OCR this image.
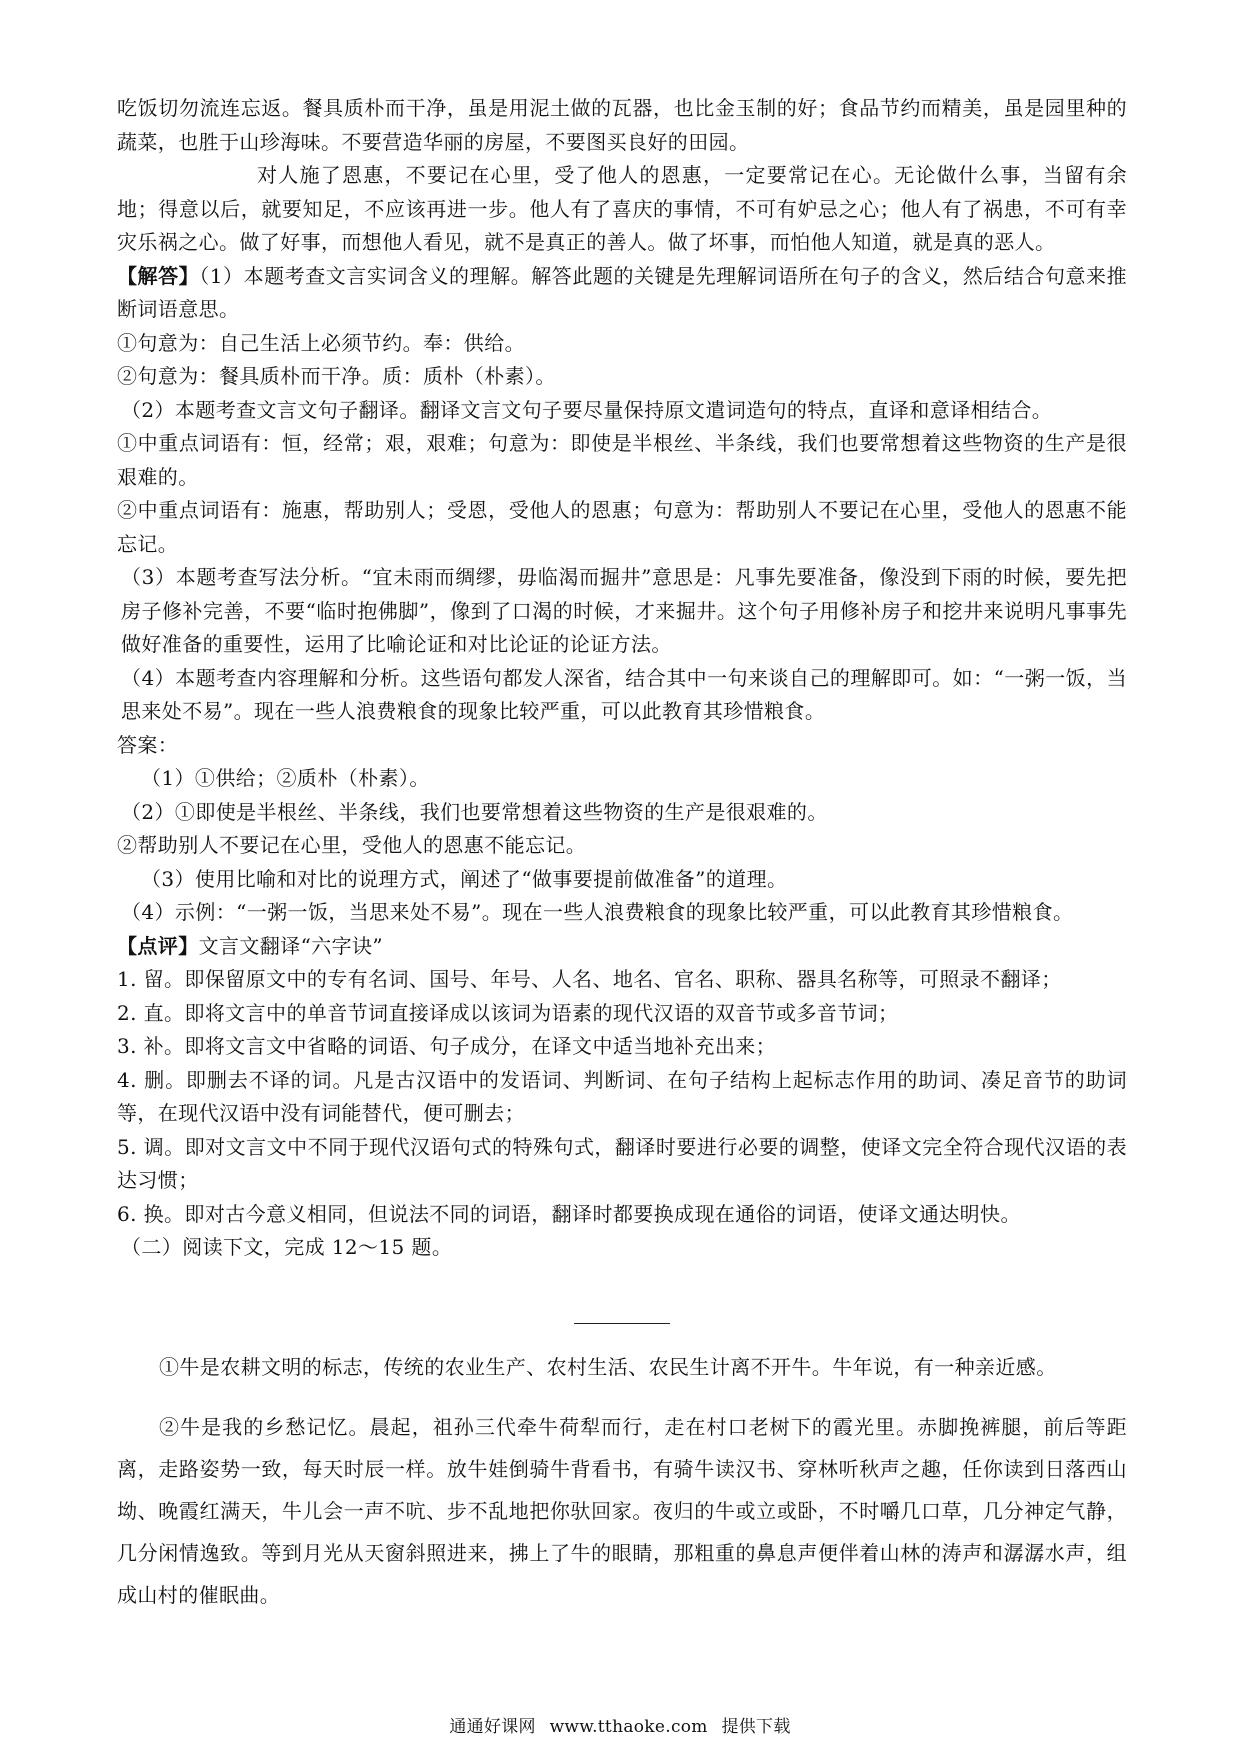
吃饭切勿流连忘返。餐具质朴而干净，虽是用泥土做的瓦器，也比金玉制的好；食品节约而精美，虽是园里种的蔬菜，也胜于山珍海味。不要营造华丽的房屋，不要图买良好的田园。

对人施了恩惠，不要记在心里，受了他人的恩惠，一定要常记在心。无论做什么事，当留有余地；得意以后，就要知足，不应该再进一步。他人有了喜庆的事情，不可有妒忌之心；他人有了祸患，不可有幸灾乐祸之心。做了好事，而想他人看见，就不是真正的善人。做了坏事，而怕他人知道，就是真的恶人。

【解答】（1）本题考查文言实词含义的理解。解答此题的关键是先理解词语所在句子的含义，然后结合句意来推断词语意思。

①句意为：自己生活上必须节约。奉：供给。

②句意为：餐具质朴而干净。质：质朴（朴素）。

（2）本题考查文言文句子翻译。翻译文言文句子要尽量保持原文遣词造句的特点，直译和意译相结合。

①中重点词语有：恒，经常；艰，艰难；句意为：即使是半根丝、半条线，我们也要常想着这些物资的生产是很艰难的。

②中重点词语有：施惠，帮助别人；受恩，受他人的恩惠；句意为：帮助别人不要记在心里，受他人的恩惠不能忘记。

（3）本题考查写法分析。“宜未雨而绸缪，毋临渴而掘井”意思是：凡事先要准备，像没到下雨的时候，要先把房子修补完善，不要“临时抱佛脚”，像到了口渴的时候，才来掘井。这个句子用修补房子和挖井来说明凡事事先做好准备的重要性，运用了比喻论证和对比论证的论证方法。

（4）本题考查内容理解和分析。这些语句都发人深省，结合其中一句来谈自己的理解即可。如：“一粥一饭，当思来处不易”。现在一些人浪费粮食的现象比较严重，可以此教育其珍惜粮食。

答案：

（1）①供给；②质朴（朴素）。

（2）①即使是半根丝、半条线，我们也要常想着这些物资的生产是很艰难的。

②帮助别人不要记在心里，受他人的恩惠不能忘记。

（3）使用比喻和对比的说理方式，阐述了“做事要提前做准备”的道理。

（4）示例：“一粥一饭，当思来处不易”。现在一些人浪费粮食的现象比较严重，可以此教育其珍惜粮食。

【点评】文言文翻译“六字诀”

1. 留。即保留原文中的专有名词、国号、年号、人名、地名、官名、职称、器具名称等，可照录不翻译；

2. 直。即将文言中的单音节词直接译成以该词为语素的现代汉语的双音节或多音节词；

3. 补。即将文言文中省略的词语、句子成分，在译文中适当地补充出来；

4. 删。即删去不译的词。凡是古汉语中的发语词、判断词、在句子结构上起标志作用的助词、凑足音节的助词等，在现代汉语中没有词能替代，便可删去；

5. 调。即对文言文中不同于现代汉语句式的特殊句式，翻译时要进行必要的调整，使译文完全符合现代汉语的表达习惯；

6. 换。即对古今意义相同，但说法不同的词语，翻译时都要换成现在通俗的词语，使译文通达明快。

（二）阅读下文，完成 12～15 题。

①牛是农耕文明的标志，传统的农业生产、农村生活、农民生计离不开牛。牛年说，有一种亲近感。

②牛是我的乡愁记忆。晨起，祖孙三代牵牛荷犁而行，走在村口老树下的霞光里。赤脚挽裤腿，前后等距离，走路姿势一致，每天时辰一样。放牛娃倒骑牛背看书，有骑牛读汉书、穿林听秋声之趣，任你读到日落西山坳、晚霞红满天，牛儿会一声不吭、步不乱地把你驮回家。夜归的牛或立或卧，不时嚼几口草，几分神定气静，几分闲情逸致。等到月光从天窗斜照进来，拂上了牛的眼睛，那粗重的鼻息声便伴着山林的涛声和潺潺水声，组成山村的催眠曲。

通通好课网 www.tthaoke.com 提供下载
